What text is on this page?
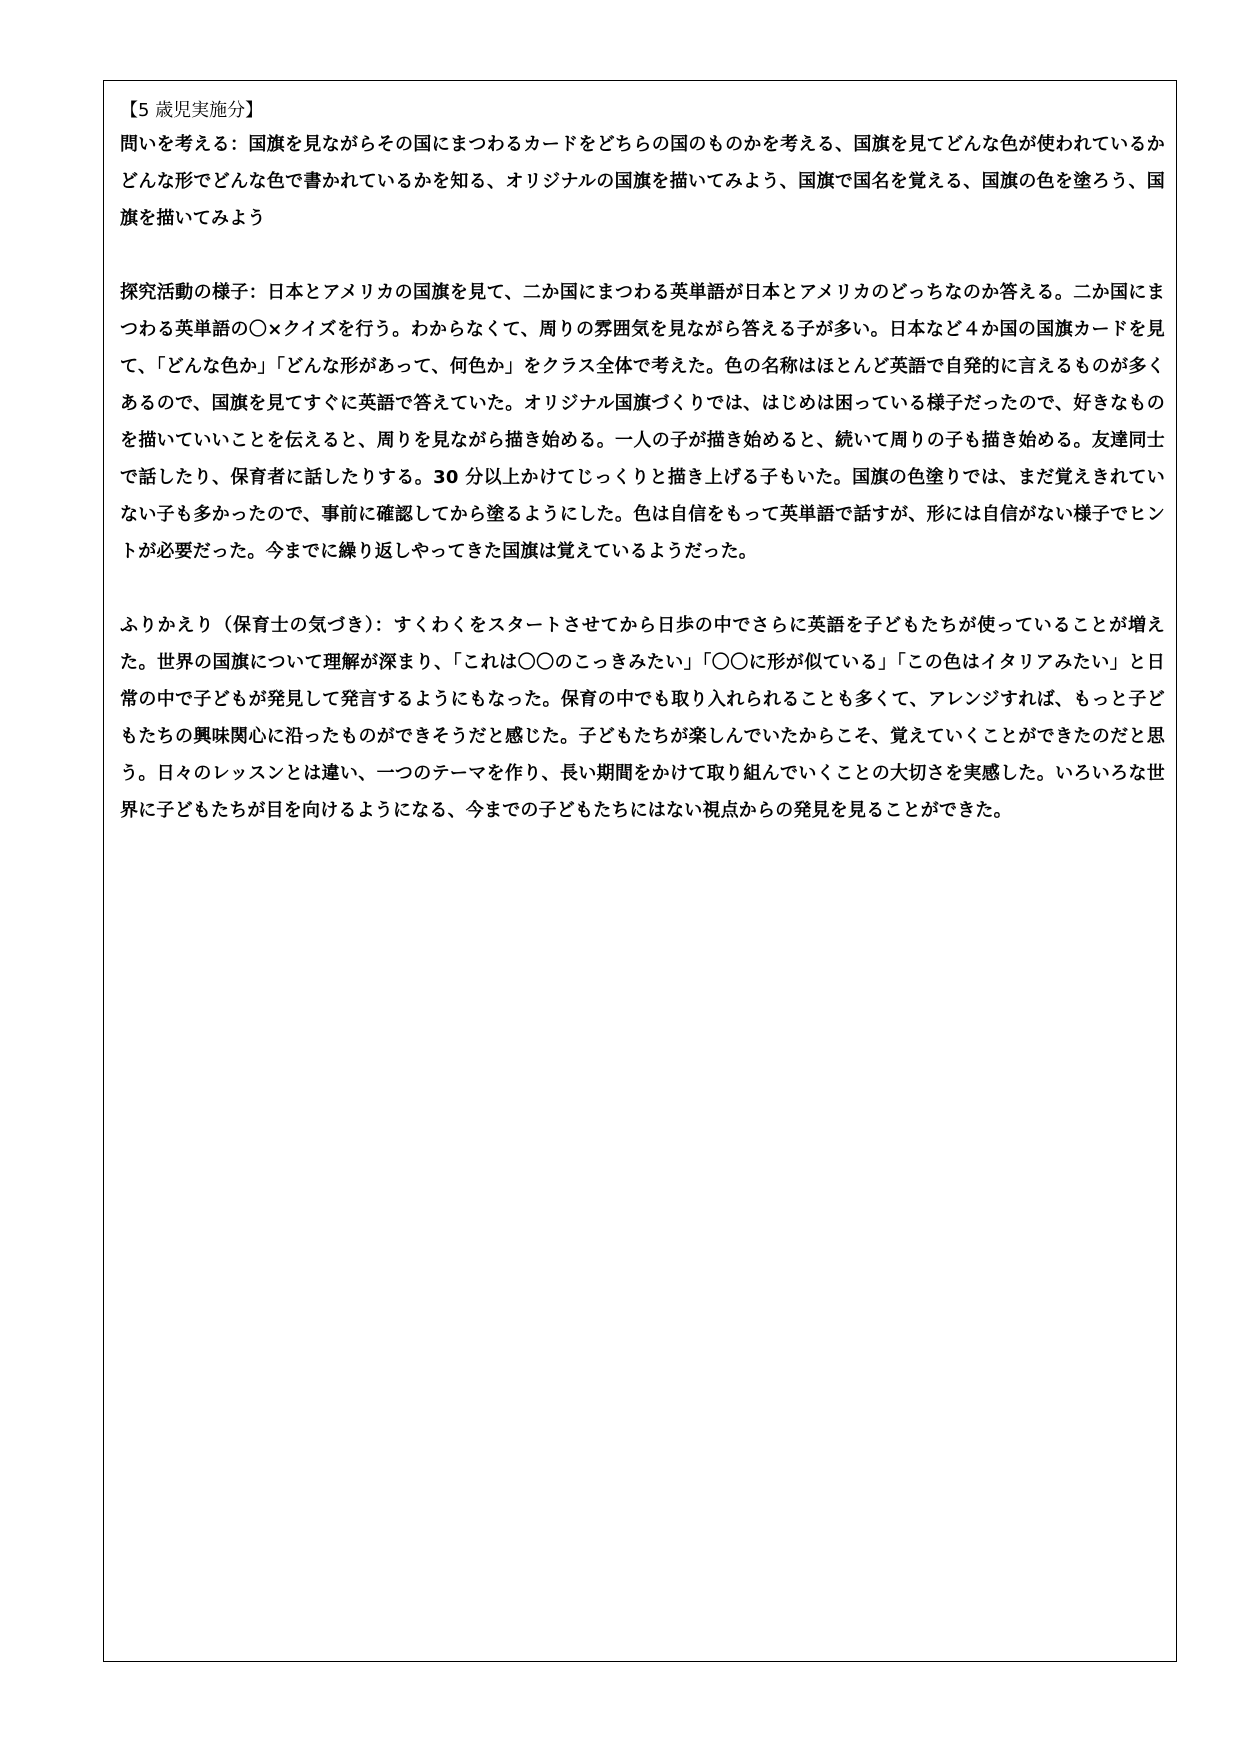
【5 歳児実施分】

問いを考える：国旗を見ながらその国にまつわるカードをどちらの国のものかを考える、国旗を見てどんな色が使われているかどんな形でどんな色で書かれているかを知る、オリジナルの国旗を描いてみよう、国旗で国名を覚える、国旗の色を塗ろう、国旗を描いてみよう

探究活動の様子：日本とアメリカの国旗を見て、二か国にまつわる英単語が日本とアメリカのどっちなのか答える。二か国にまつわる英単語の〇×クイズを行う。わからなくて、周りの雰囲気を見ながら答える子が多い。日本など４か国の国旗カードを見て、「どんな色か」「どんな形があって、何色か」をクラス全体で考えた。色の名称はほとんど英語で自発的に言えるものが多くあるので、国旗を見てすぐに英語で答えていた。オリジナル国旗づくりでは、はじめは困っている様子だったので、好きなものを描いていいことを伝えると、周りを見ながら描き始める。一人の子が描き始めると、続いて周りの子も描き始める。友達同士で話したり、保育者に話したりする。30 分以上かけてじっくりと描き上げる子もいた。国旗の色塗りでは、まだ覚えきれていない子も多かったので、事前に確認してから塗るようにした。色は自信をもって英単語で話すが、形には自信がない様子でヒントが必要だった。今までに繰り返しやってきた国旗は覚えているようだった。

ふりかえり（保育士の気づき）：すくわくをスタートさせてから日歩の中でさらに英語を子どもたちが使っていることが増えた。世界の国旗について理解が深まり、「これは〇〇のこっきみたい」「〇〇に形が似ている」「この色はイタリアみたい」と日常の中で子どもが発見して発言するようにもなった。保育の中でも取り入れられることも多くて、アレンジすれば、もっと子どもたちの興味関心に沿ったものができそうだと感じた。子どもたちが楽しんでいたからこそ、覚えていくことができたのだと思う。日々のレッスンとは違い、一つのテーマを作り、長い期間をかけて取り組んでいくことの大切さを実感した。いろいろな世界に子どもたちが目を向けるようになる、今までの子どもたちにはない視点からの発見を見ることができた。
